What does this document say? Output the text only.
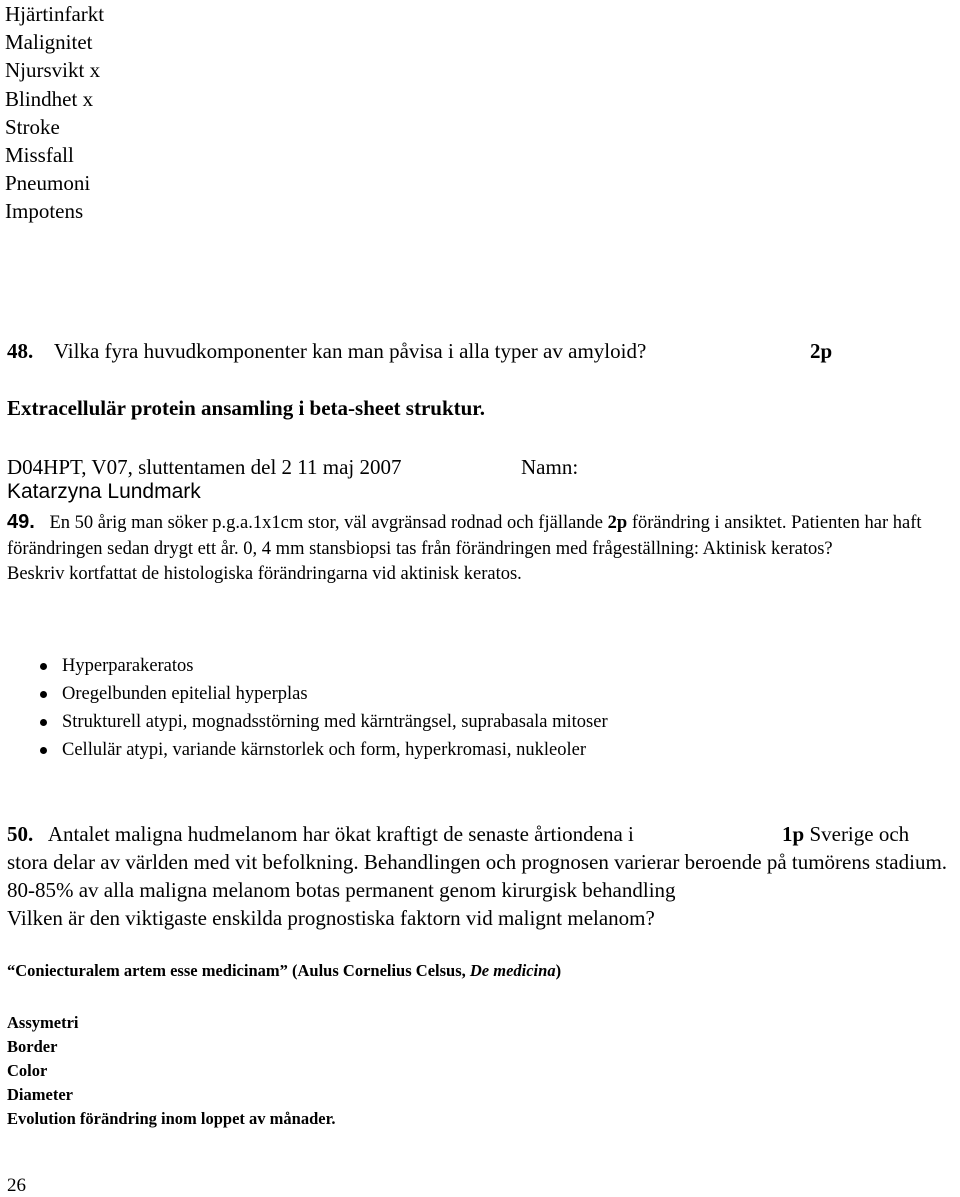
Hjärtinfarkt
Malignitet
Njursvikt x
Blindhet x
Stroke
Missfall
Pneumoni
Impotens
48. Vilka fyra huvudkomponenter kan man påvisa i alla typer av amyloid?	2p
Extracellulär protein ansamling i beta-sheet struktur.
D04HPT, V07, sluttentamen del 2 11 maj 2007	Namn:
Katarzyna Lundmark
49. En 50 årig man söker p.g.a.1x1cm stor, väl avgränsad rodnad och fjällande 2p förändring i ansiktet. Patienten har haft förändringen sedan drygt ett år. 0, 4 mm stansbiopsi tas från förändringen med frågeställning: Aktinisk keratos?
Beskriv kortfattat de histologiska förändringarna vid aktinisk keratos.
Hyperparakeratos
Oregelbunden epitelial hyperplas
Strukturell atypi, mognadsstörning med kärnträngsel, suprabasala mitoser
Cellulär atypi, variande kärnstorlek och form, hyperkromasi, nukleoler
50. Antalet maligna hudmelanom har ökat kraftigt de senaste årtiondena i	1p Sverige och
stora delar av världen med vit befolkning. Behandlingen och prognosen varierar beroende på tumörens stadium. 80-85% av alla maligna melanom botas permanent genom kirurgisk behandling
Vilken är den viktigaste enskilda prognostiska faktorn vid malignt melanom?
“Coniecturalem artem esse medicinam” (Aulus Cornelius Celsus, De medicina)
Assymetri
Border
Color
Diameter
Evolution förändring inom loppet av månader.
26
